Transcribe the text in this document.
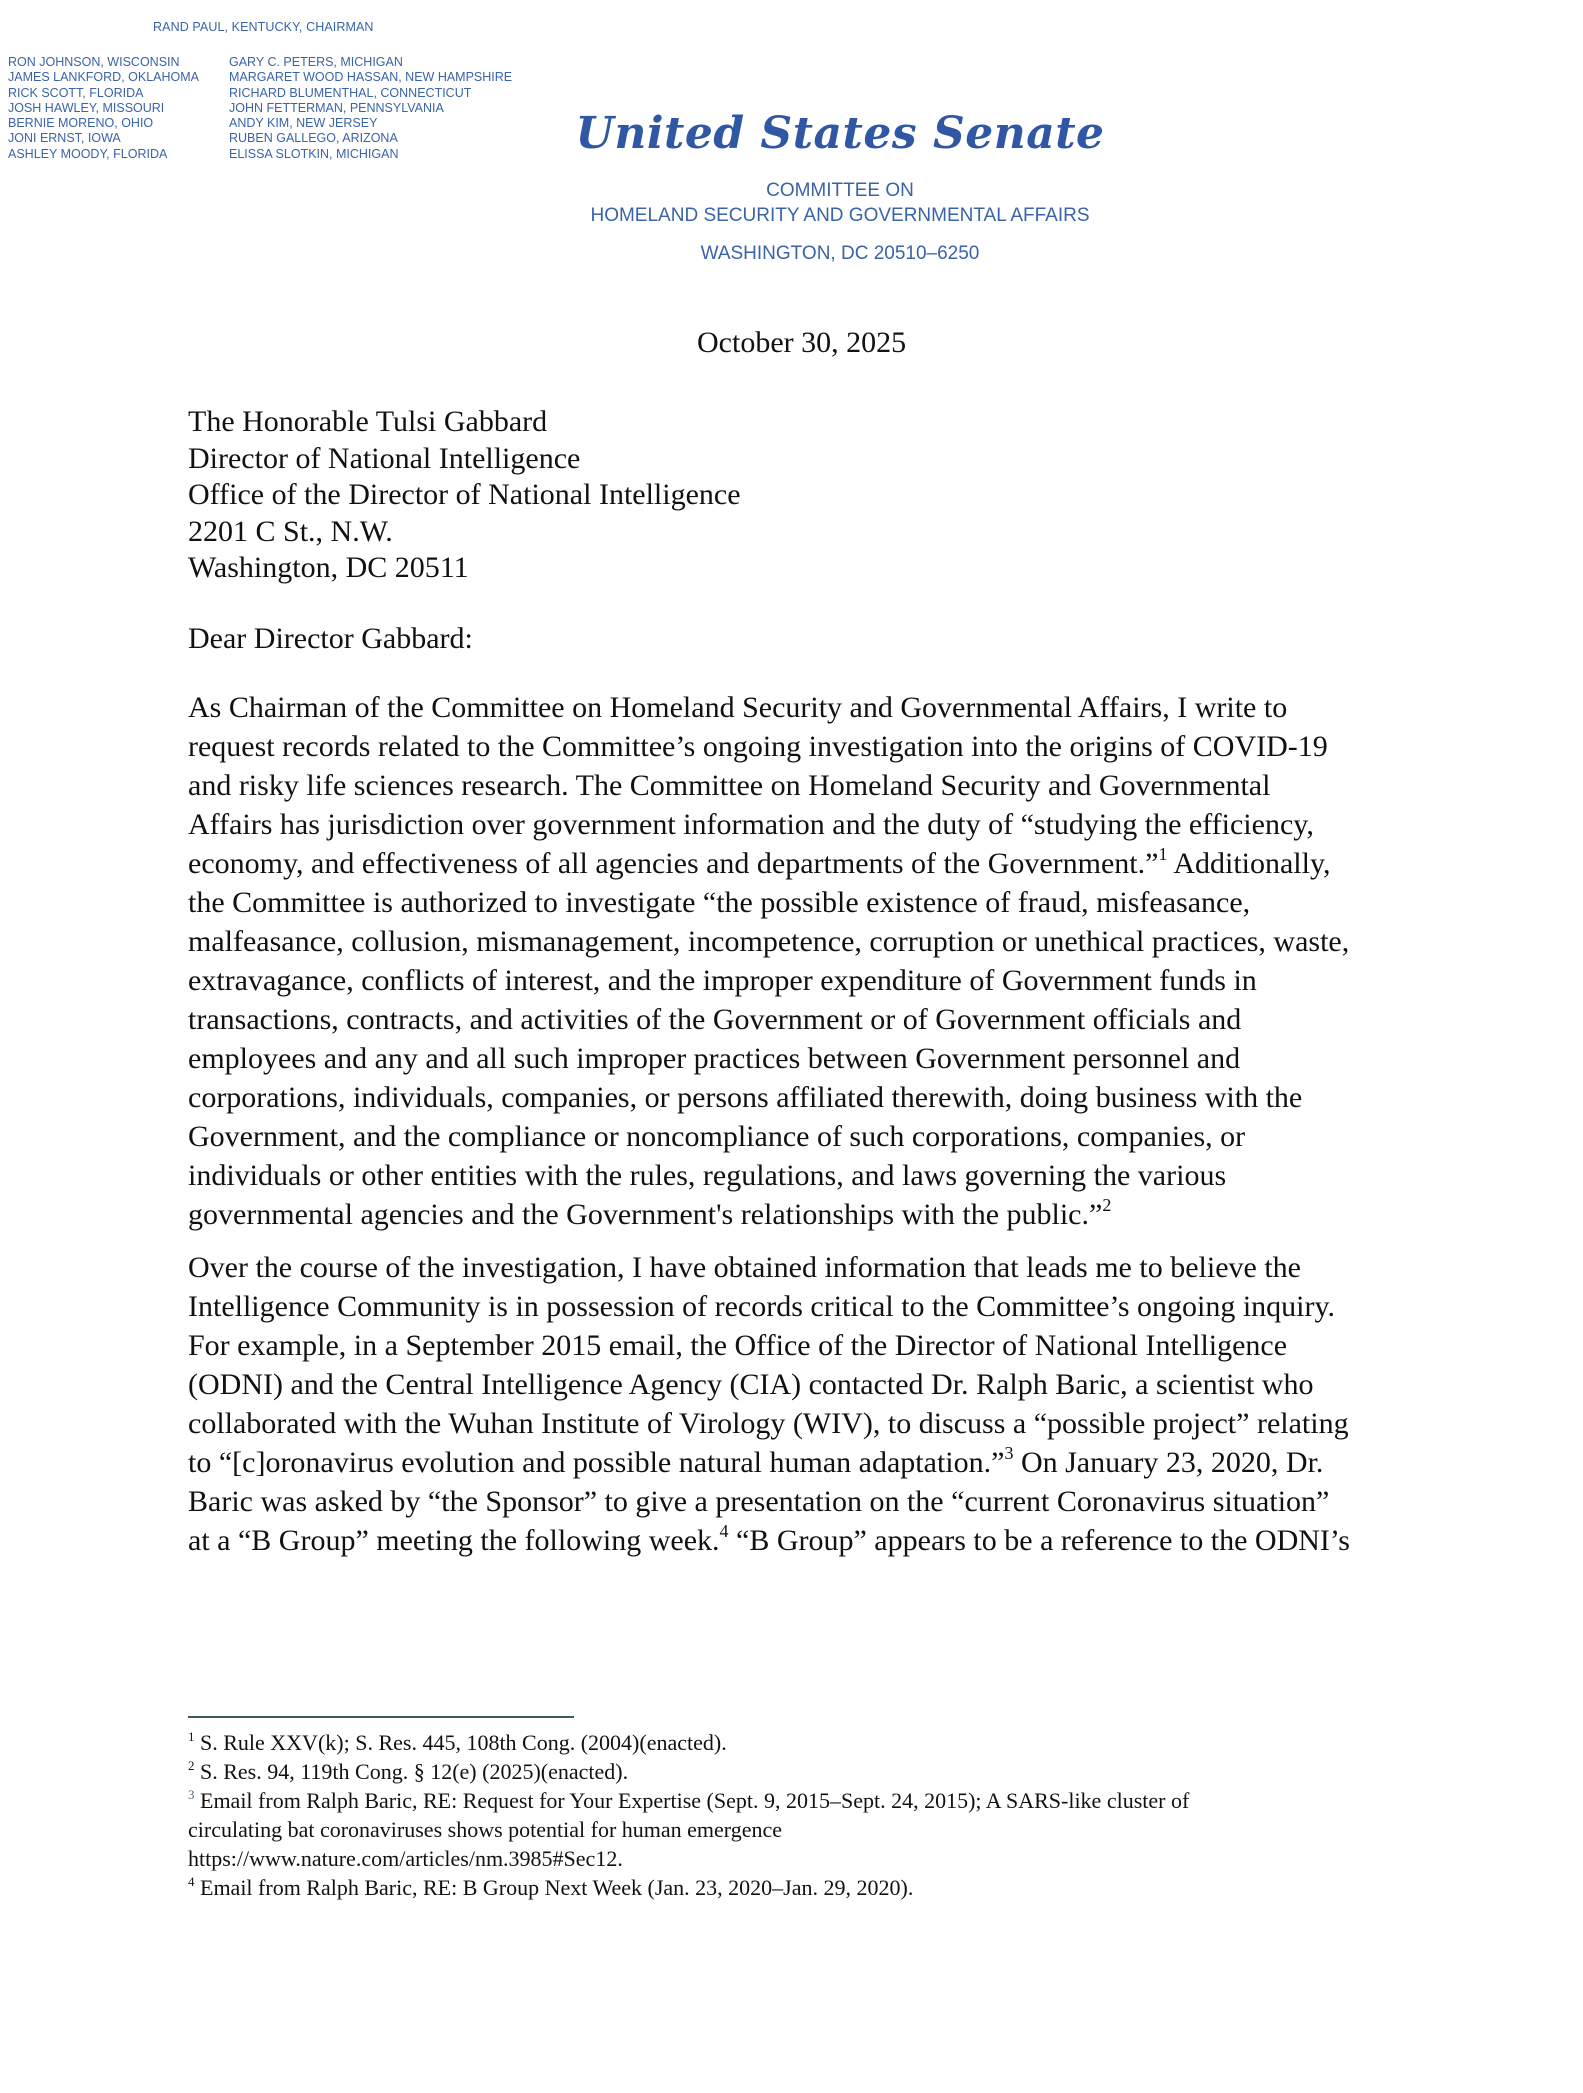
RAND PAUL, KENTUCKY, CHAIRMAN
RON JOHNSON, WISCONSIN
JAMES LANKFORD, OKLAHOMA
RICK SCOTT, FLORIDA
JOSH HAWLEY, MISSOURI
BERNIE MORENO, OHIO
JONI ERNST, IOWA
ASHLEY MOODY, FLORIDA
GARY C. PETERS, MICHIGAN
MARGARET WOOD HASSAN, NEW HAMPSHIRE
RICHARD BLUMENTHAL, CONNECTICUT
JOHN FETTERMAN, PENNSYLVANIA
ANDY KIM, NEW JERSEY
RUBEN GALLEGO, ARIZONA
ELISSA SLOTKIN, MICHIGAN	United States Senate
COMMITTEE ON
HOMELAND SECURITY AND GOVERNMENTAL AFFAIRS
WASHINGTON, DC 20510–6250
October 30, 2025
The Honorable Tulsi Gabbard
Director of National Intelligence
Office of the Director of National Intelligence
2201 C St., N.W.
Washington, DC 20511
Dear Director Gabbard:
As Chairman of the Committee on Homeland Security and Governmental Affairs, I write to
request records related to the Committee’s ongoing investigation into the origins of COVID-19
and risky life sciences research. The Committee on Homeland Security and Governmental
Affairs has jurisdiction over government information and the duty of “studying the efficiency,
economy, and effectiveness of all agencies and departments of the Government.”$^1$ Additionally,
the Committee is authorized to investigate “the possible existence of fraud, misfeasance,
malfeasance, collusion, mismanagement, incompetence, corruption or unethical practices, waste,
extravagance, conflicts of interest, and the improper expenditure of Government funds in
transactions, contracts, and activities of the Government or of Government officials and
employees and any and all such improper practices between Government personnel and
corporations, individuals, companies, or persons affiliated therewith, doing business with the
Government, and the compliance or noncompliance of such corporations, companies, or
individuals or other entities with the rules, regulations, and laws governing the various
governmental agencies and the Government's relationships with the public.”$^2$
Over the course of the investigation, I have obtained information that leads me to believe the
Intelligence Community is in possession of records critical to the Committee’s ongoing inquiry.
For example, in a September 2015 email, the Office of the Director of National Intelligence
(ODNI) and the Central Intelligence Agency (CIA) contacted Dr. Ralph Baric, a scientist who
collaborated with the Wuhan Institute of Virology (WIV), to discuss a “possible project” relating
to “[c]oronavirus evolution and possible natural human adaptation.”$^3$ On January 23, 2020, Dr.
Baric was asked by “the Sponsor” to give a presentation on the “current Coronavirus situation”
at a “B Group” meeting the following week.$^4$ “B Group” appears to be a reference to the ODNI’s
$^1$ S. Rule XXV(k); S. Res. 445, 108th Cong. (2004)(enacted).
$^2$ S. Res. 94, 119th Cong. § 12(e) (2025)(enacted).
$^3$ Email from Ralph Baric, RE: Request for Your Expertise (Sept. 9, 2015–Sept. 24, 2015); A SARS-like cluster of
circulating bat coronaviruses shows potential for human emergence
https://www.nature.com/articles/nm.3985#Sec12.
$^4$ Email from Ralph Baric, RE: B Group Next Week (Jan. 23, 2020–Jan. 29, 2020).
